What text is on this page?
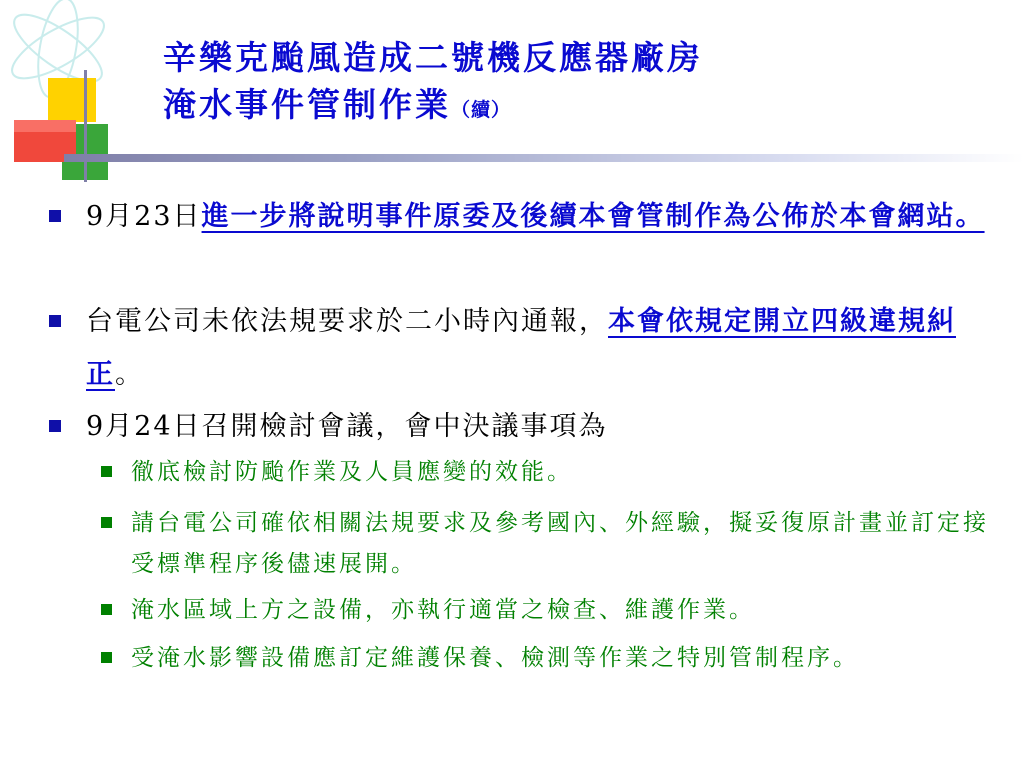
辛樂克颱風造成二號機反應器廠房
淹水事件管制作業（續）
9月23日進一步將說明事件原委及後續本會管制作為公佈於本會網站。
台電公司未依法規要求於二小時內通報，本會依規定開立四級違規糾正。
9月24日召開檢討會議，會中決議事項為
徹底檢討防颱作業及人員應變的效能。
請台電公司確依相關法規要求及參考國內、外經驗，擬妥復原計畫並訂定接受標準程序後儘速展開。
淹水區域上方之設備，亦執行適當之檢查、維護作業。
受淹水影響設備應訂定維護保養、檢測等作業之特別管制程序。
